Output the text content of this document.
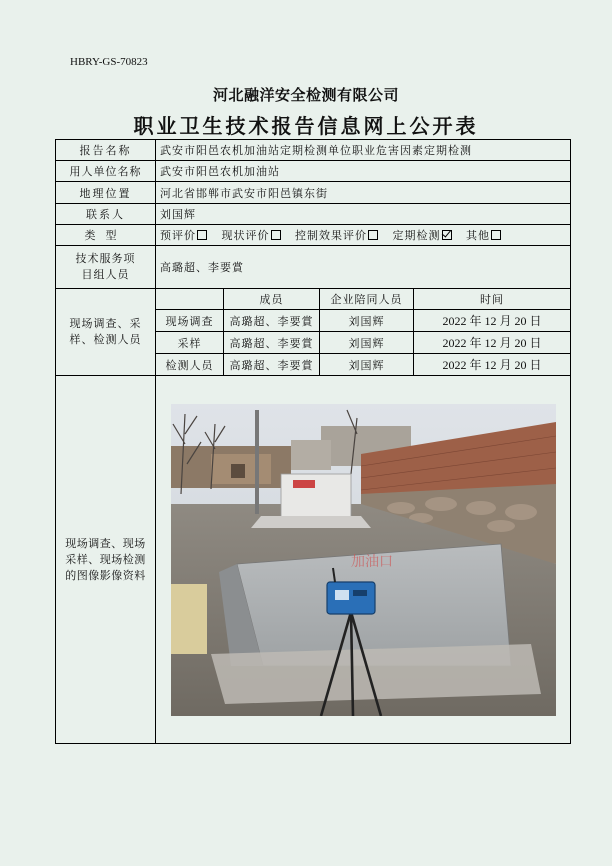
HBRY-GS-70823
河北融洋安全检测有限公司
职业卫生技术报告信息网上公开表
报告名称	武安市阳邑农机加油站定期检测单位职业危害因素定期检测			
用人单位名称	武安市阳邑农机加油站			
地理位置	河北省邯郸市武安市阳邑镇东街			
联系人	刘国辉			
类型	预评价 现状评价 控制效果评价 定期检测 其他			
技术服务项目组人员	高璐超、李要賞			
现场调查、采样、检测人员		成员	企业陪同人员	时间
	现场调查	高璐超、李要賞	刘国辉	2022 年 12 月 20 日
	采样	高璐超、李要賞	刘国辉	2022 年 12 月 20 日
	检测人员	高璐超、李要賞	刘国辉	2022 年 12 月 20 日
现场调查、现场采样、现场检测的图像影像资料	加油口			
